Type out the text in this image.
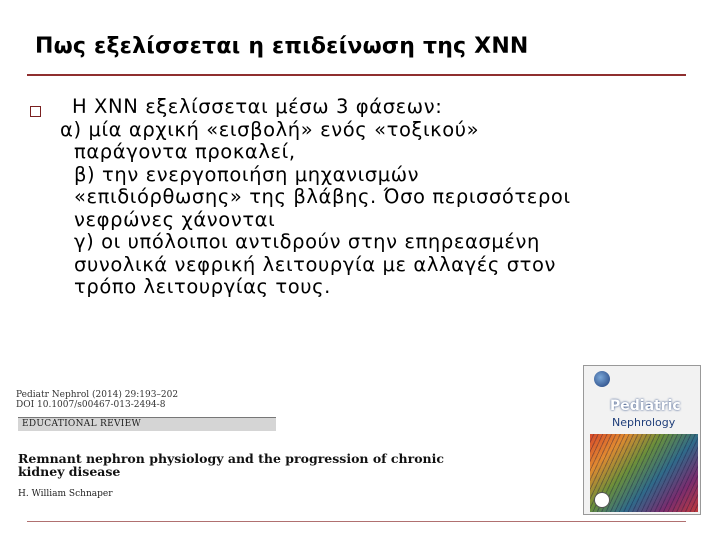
Πως εξελίσσεται η επιδείνωση της ΧΝΝ
Η ΧΝΝ εξελίσσεται μέσω 3 φάσεων:
α) μία αρχική «εισβολή» ενός «τοξικού»
παράγοντα προκαλεί,
β) την ενεργοποιήση μηχανισμών
«επιδιόρθωσης» της βλάβης. Όσο περισσότεροι
νεφρώνες χάνονται
γ) οι υπόλοιποι αντιδρούν στην επηρεασμένη
συνολικά νεφρική λειτουργία με αλλαγές στον
τρόπο λειτουργίας τους.
Pediatr Nephrol (2014) 29:193–202
DOI 10.1007/s00467-013-2494-8
EDUCATIONAL REVIEW
Remnant nephron physiology and the progression of chronic
kidney disease
H. William Schnaper
Pediatric
Nephrology
